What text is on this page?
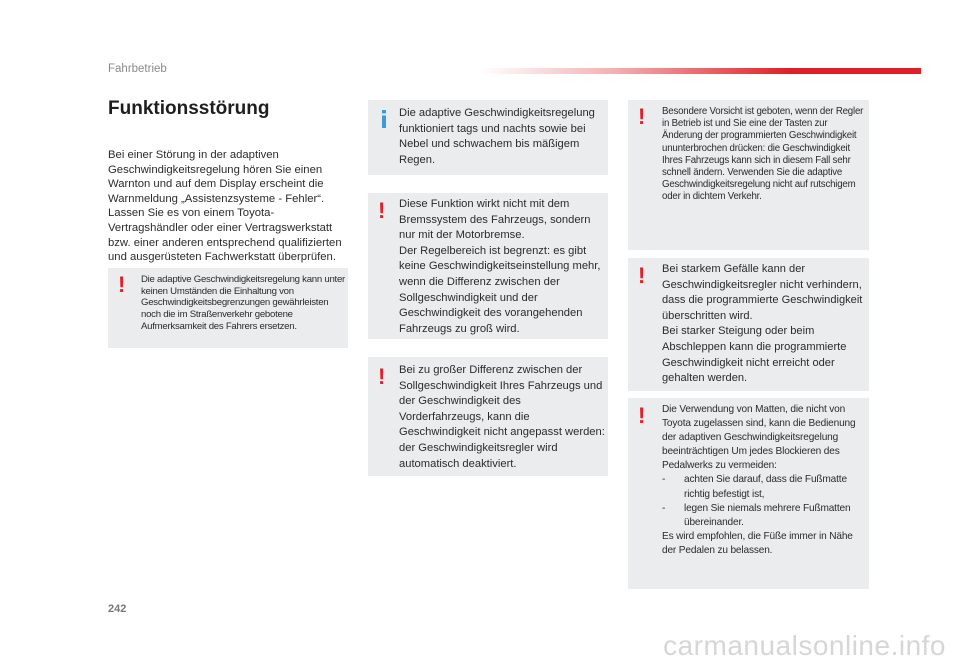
Fahrbetrieb
Funktionsstörung
Bei einer Störung in der adaptiven Geschwindigkeitsregelung hören Sie einen Warnton und auf dem Display erscheint die Warnmeldung „Assistenzsysteme - Fehler“. Lassen Sie es von einem Toyota-Vertragshändler oder einer Vertragswerkstatt bzw. einer anderen entsprechend qualifizierten und ausgerüsteten Fachwerkstatt überprüfen.
! Die adaptive Geschwindigkeitsregelung kann unter keinen Umständen die Einhaltung von Geschwindigkeitsbegrenzungen gewährleisten noch die im Straßenverkehr gebotene Aufmerksamkeit des Fahrers ersetzen.
Die adaptive Geschwindigkeitsregelung funktioniert tags und nachts sowie bei Nebel und schwachem bis mäßigem Regen.
! Diese Funktion wirkt nicht mit dem Bremssystem des Fahrzeugs, sondern nur mit der Motorbremse.
Der Regelbereich ist begrenzt: es gibt keine Geschwindigkeitseinstellung mehr, wenn die Differenz zwischen der Sollgeschwindigkeit und der Geschwindigkeit des vorangehenden Fahrzeugs zu groß wird.
! Bei zu großer Differenz zwischen der Sollgeschwindigkeit Ihres Fahrzeugs und der Geschwindigkeit des Vorderfahrzeugs, kann die Geschwindigkeit nicht angepasst werden: der Geschwindigkeitsregler wird automatisch deaktiviert.
! Besondere Vorsicht ist geboten, wenn der Regler in Betrieb ist und Sie eine der Tasten zur Änderung der programmierten Geschwindigkeit ununterbrochen drücken: die Geschwindigkeit Ihres Fahrzeugs kann sich in diesem Fall sehr schnell ändern. Verwenden Sie die adaptive Geschwindigkeitsregelung nicht auf rutschigem oder in dichtem Verkehr.
! Bei starkem Gefälle kann der Geschwindigkeitsregler nicht verhindern, dass die programmierte Geschwindigkeit überschritten wird.
Bei starker Steigung oder beim Abschleppen kann die programmierte Geschwindigkeit nicht erreicht oder gehalten werden.
! Die Verwendung von Matten, die nicht von Toyota zugelassen sind, kann die Bedienung der adaptiven Geschwindigkeitsregelung beeinträchtigen Um jedes Blockieren des Pedalwerks zu vermeiden:
-	achten Sie darauf, dass die Fußmatte richtig befestigt ist,
-	legen Sie niemals mehrere Fußmatten übereinander.
Es wird empfohlen, die Füße immer in Nähe der Pedalen zu belassen.
242
carmanualsonline.info
